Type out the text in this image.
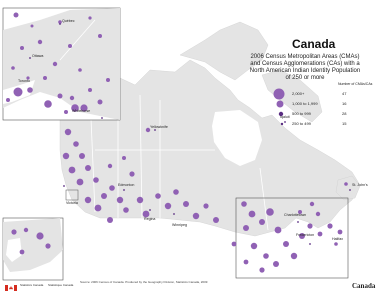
Canada
2006 Census Metropolitan Areas (CMAs) and Census Agglomerations (CAs) with a North American Indian Identity Population of 250 or more
Number of CMAs/CAs
2,000+	47
1,000 to 1,999	16
500 to 999	28
250 to 499	15
Québec
Ottawa
Toronto
Whitehorse
Yellowknife
Iqaluit
Edmonton
Victoria
Regina
Winnipeg
St. John's
Charlottetown
Fredericton
Halifax
Statistics Canada Statistique Canada
Source: 2006 Census of Canada. Produced by the Geography Division, Statistics Canada, 2009	Canada
